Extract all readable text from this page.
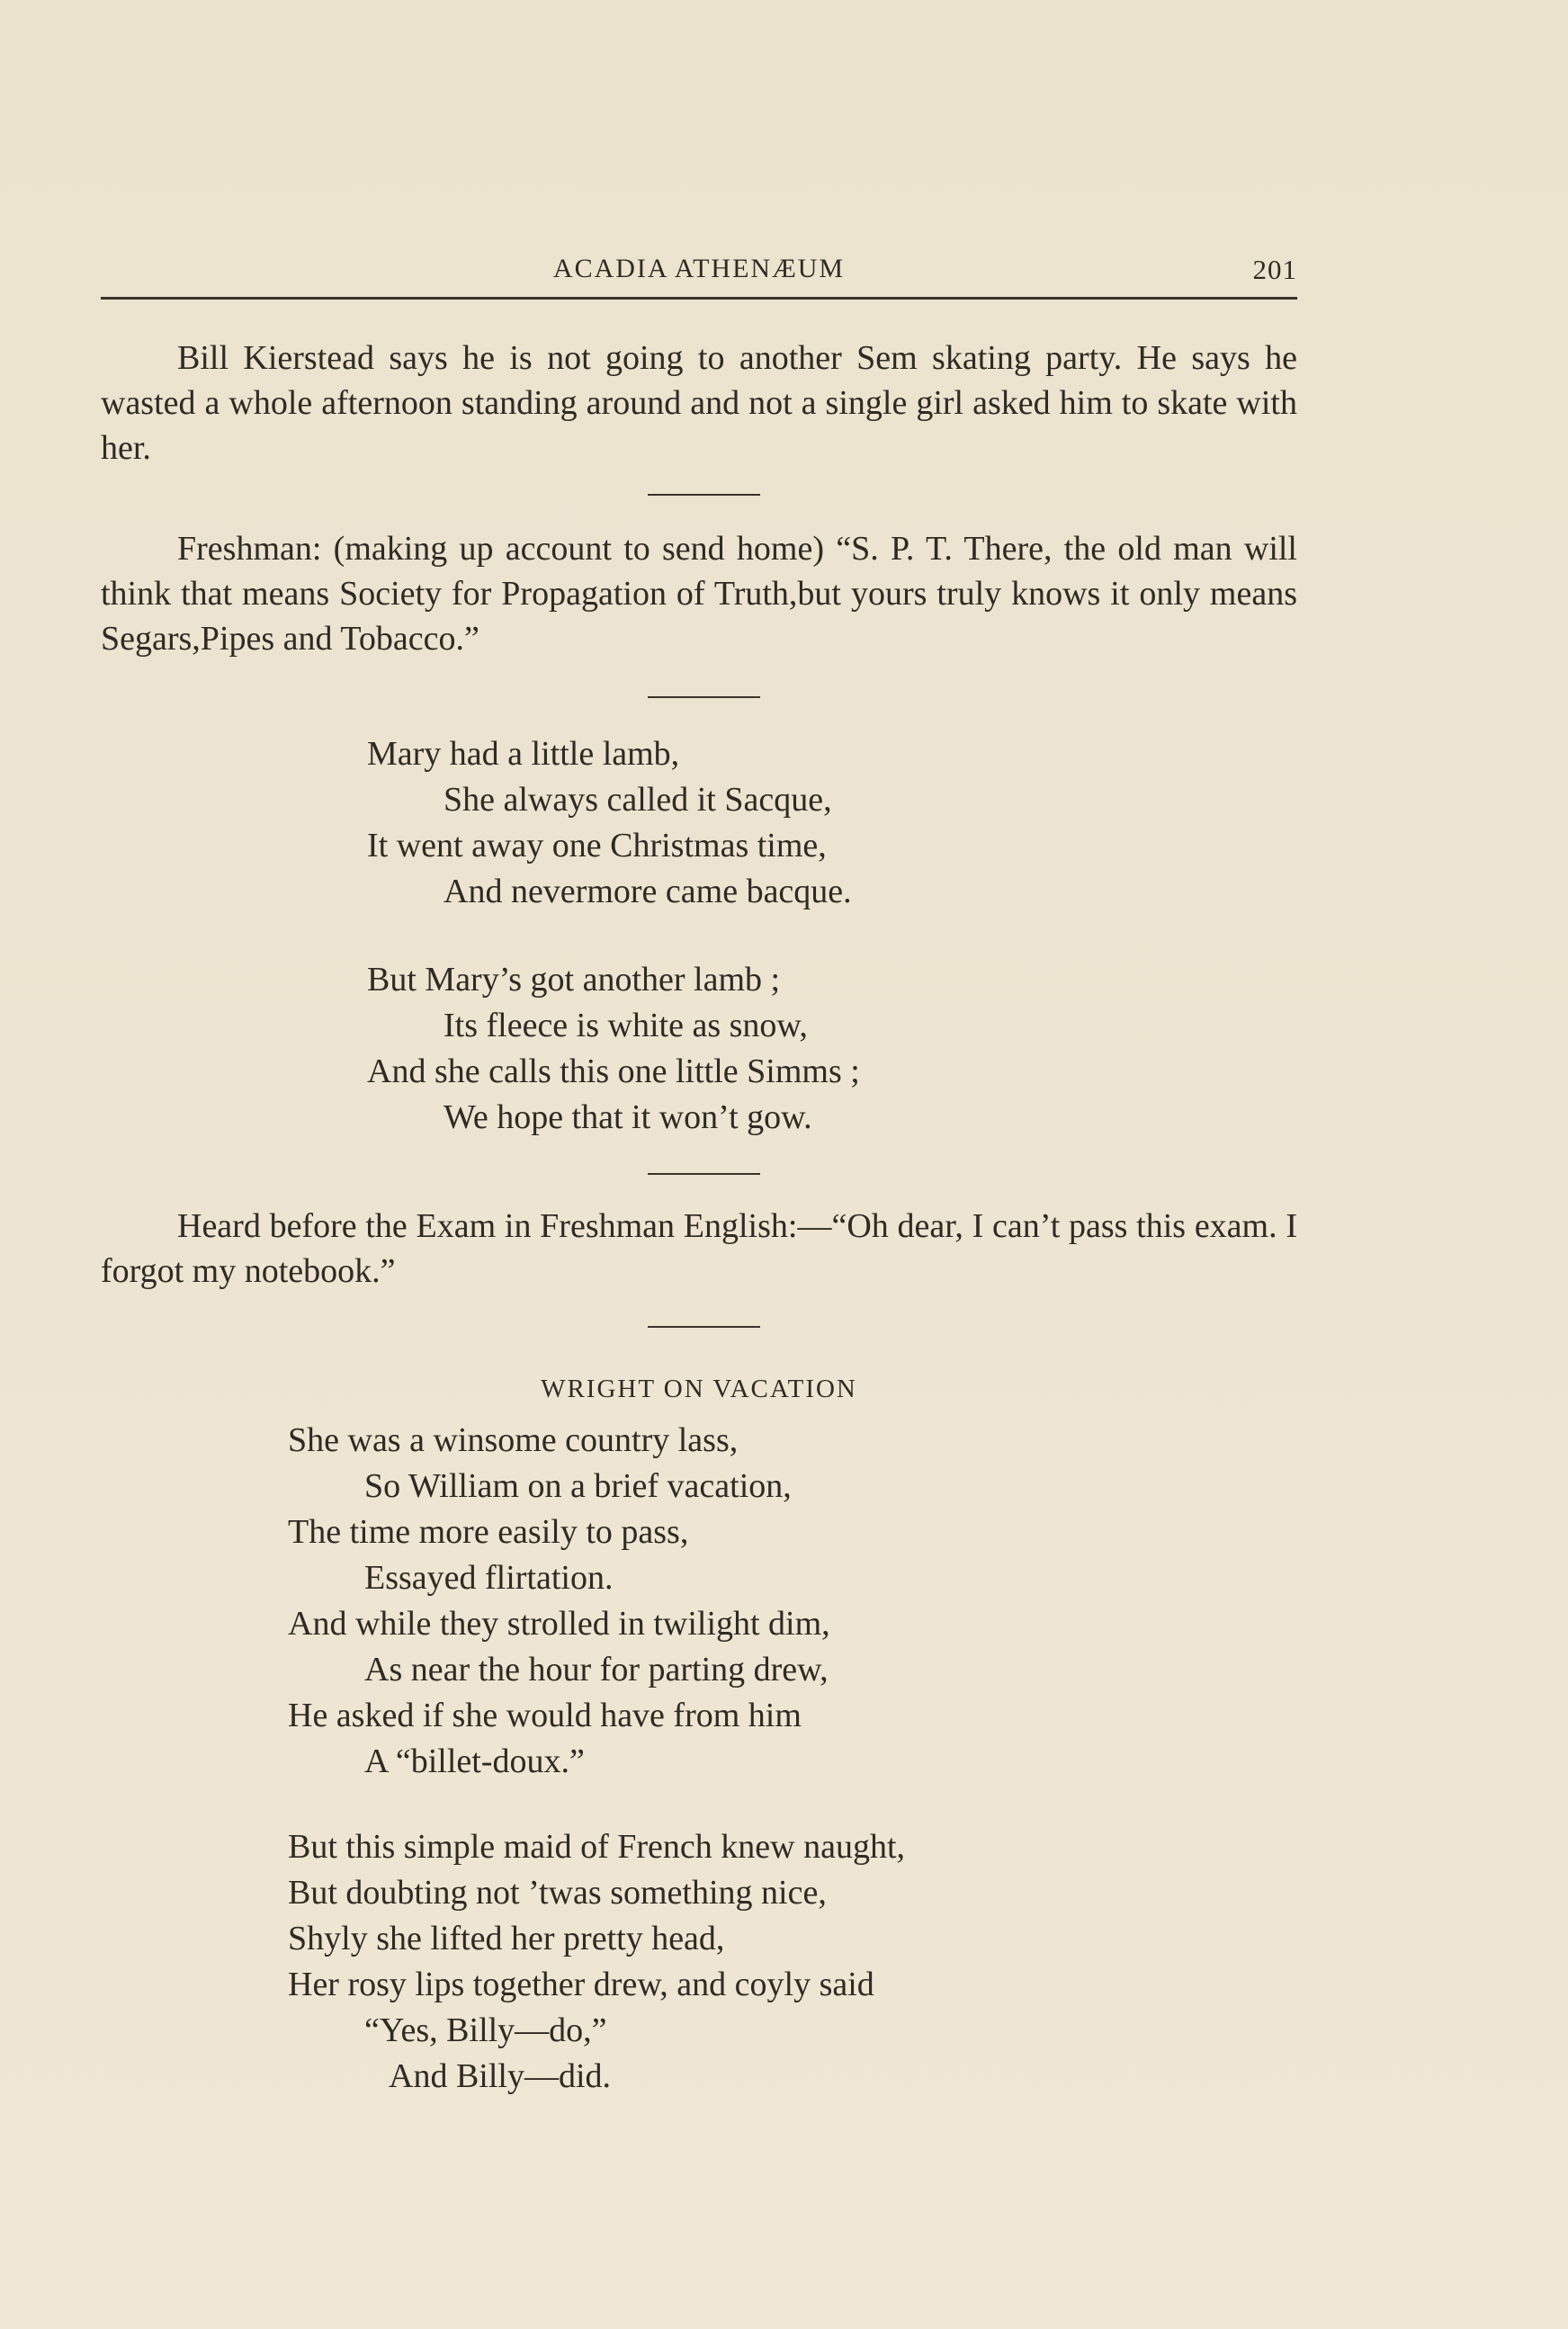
ACADIA ATHENÆUM	201
Bill Kierstead says he is not going to another Sem skating party. He says he wasted a whole afternoon standing around and not a single girl asked him to skate with her.
Freshman: (making up account to send home) “S. P. T. There, the old man will think that means Society for Propagation of Truth,but yours truly knows it only means Segars,Pipes and Tobacco.”
Mary had a little lamb,
She always called it Sacque,
It went away one Christmas time,
And nevermore came bacque.
But Mary’s got another lamb ;
Its fleece is white as snow,
And she calls this one little Simms ;
We hope that it won’t gow.
Heard before the Exam in Freshman English:—“Oh dear, I can’t pass this exam. I forgot my notebook.”
WRIGHT ON VACATION
She was a winsome country lass,
So William on a brief vacation,
The time more easily to pass,
Essayed flirtation.
And while they strolled in twilight dim,
As near the hour for parting drew,
He asked if she would have from him
A “billet-doux.”
But this simple maid of French knew naught,
But doubting not ’twas something nice,
Shyly she lifted her pretty head,
Her rosy lips together drew, and coyly said
“Yes, Billy—do,”
And Billy—did.
